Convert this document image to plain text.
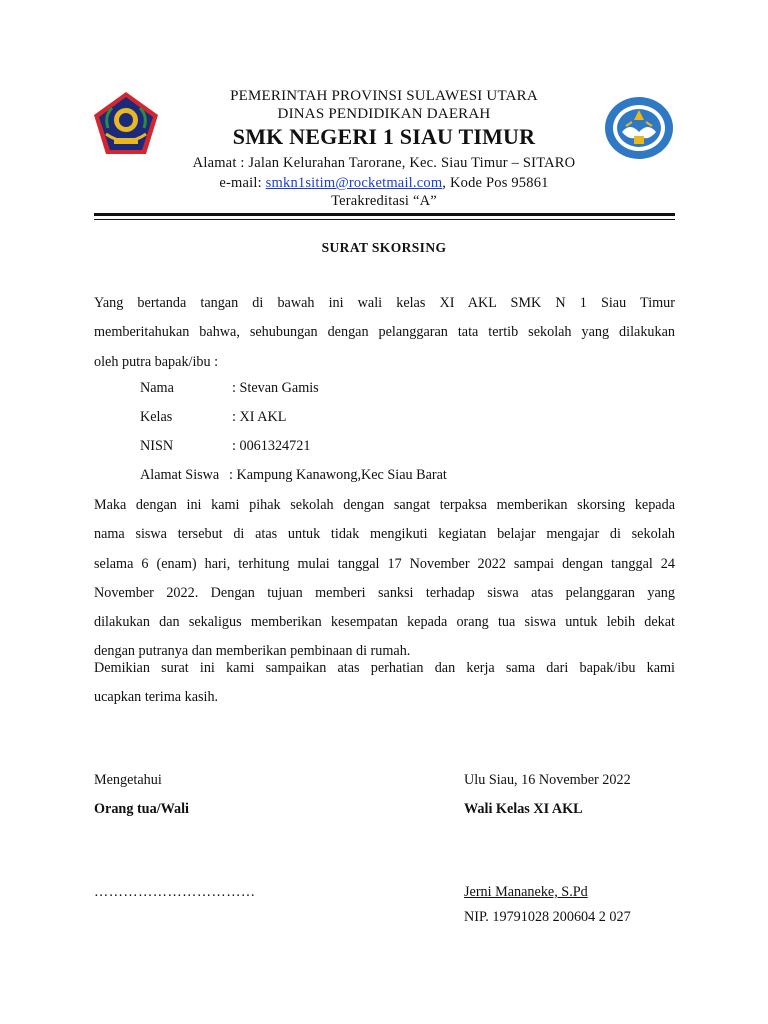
PEMERINTAH PROVINSI SULAWESI UTARA
DINAS PENDIDIKAN DAERAH
SMK NEGERI 1 SIAU TIMUR
Alamat : Jalan Kelurahan Tarorane, Kec. Siau Timur – SITARO
e-mail: smkn1sitim@rocketmail.com, Kode Pos 95861
Terakreditasi “A”
SURAT SKORSING
Yang bertanda tangan di bawah ini wali kelas XI AKL SMK N 1 Siau Timur
memberitahukan bahwa, sehubungan dengan pelanggaran tata tertib sekolah yang dilakukan
oleh putra bapak/ibu :
Nama	: Stevan Gamis
Kelas	: XI AKL
NISN	: 0061324721
Alamat Siswa : Kampung Kanawong,Kec Siau Barat
Maka dengan ini kami pihak sekolah dengan sangat terpaksa memberikan skorsing kepada
nama siswa tersebut di atas untuk tidak mengikuti kegiatan belajar mengajar di sekolah
selama 6 (enam) hari, terhitung mulai tanggal 17 November 2022 sampai dengan tanggal 24
November 2022. Dengan tujuan memberi sanksi terhadap siswa atas pelanggaran yang
dilakukan dan sekaligus memberikan kesempatan kepada orang tua siswa untuk lebih dekat
dengan putranya dan memberikan pembinaan di rumah.
Demikian surat ini kami sampaikan atas perhatian dan kerja sama dari bapak/ibu kami
ucapkan terima kasih.
Mengetahui
Orang tua/Wali
……………………………
Ulu Siau, 16 November 2022
Wali Kelas XI AKL
Jerni Mananeke, S.Pd
NIP. 19791028 200604 2 027
